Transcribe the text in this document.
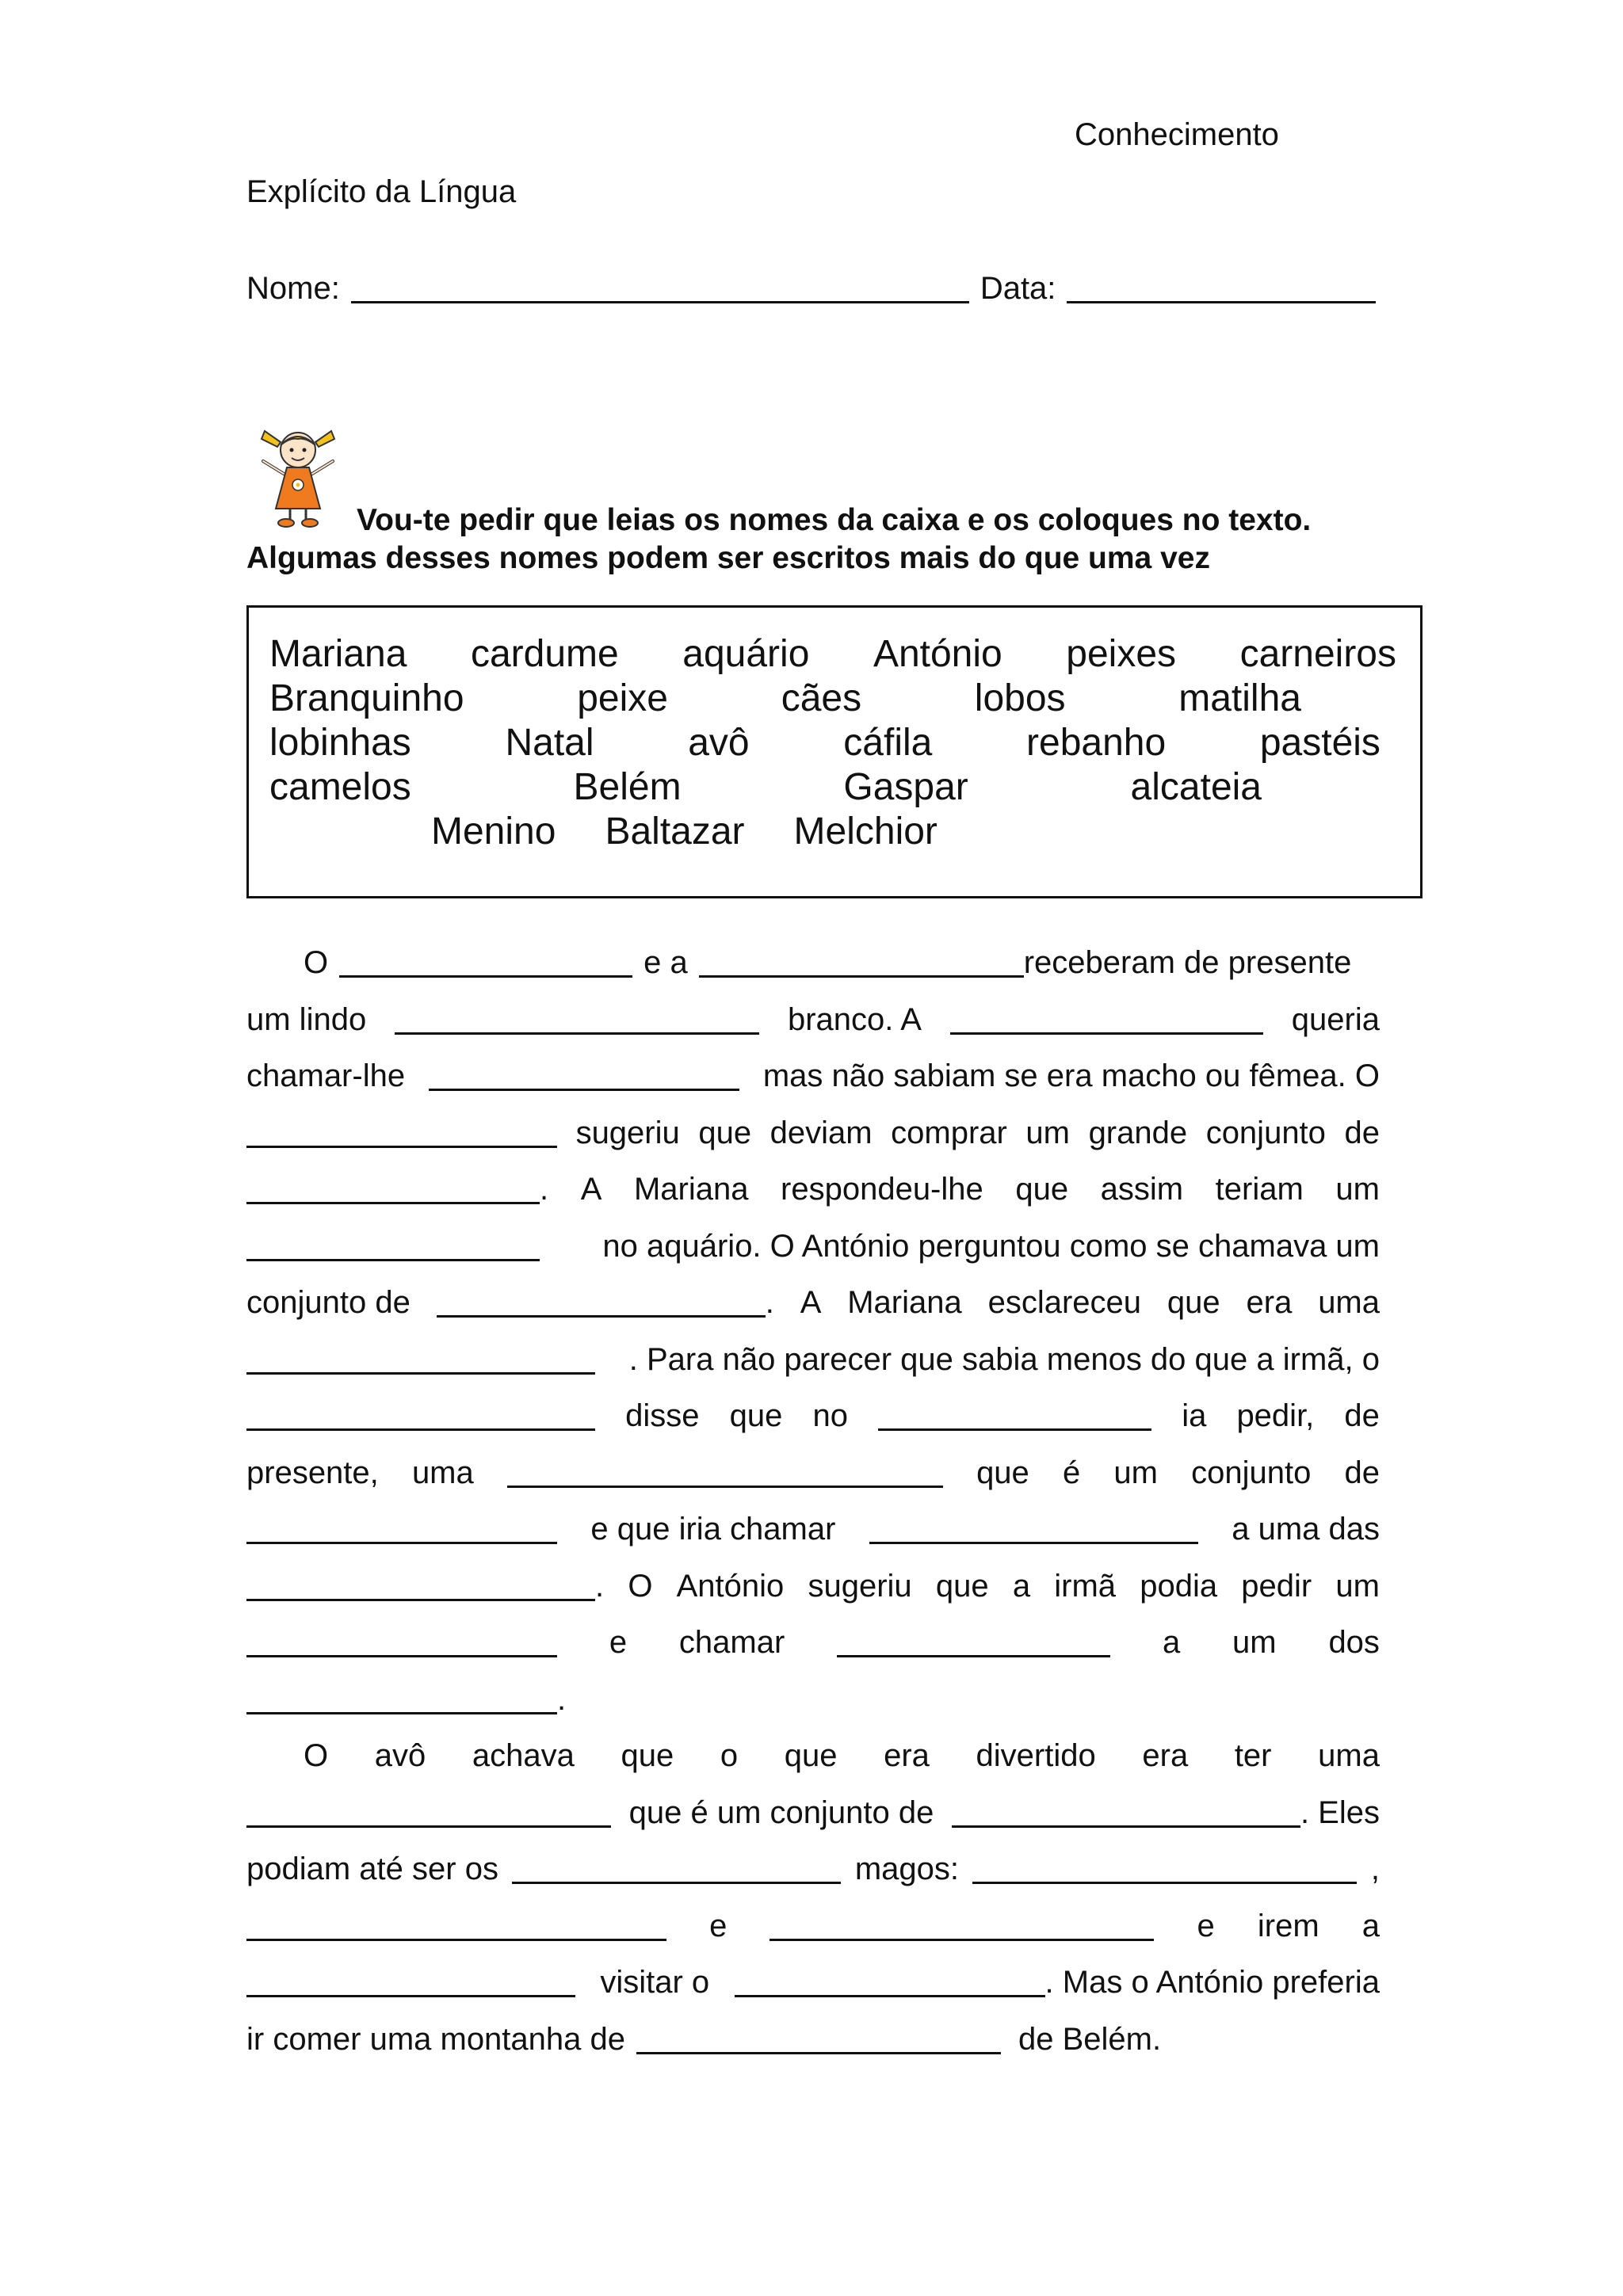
Conhecimento
Explícito da Língua
Nome:	Data:
Vou-te pedir que leias os nomes da caixa e os coloques no texto.
Algumas desses nomes podem ser escritos mais do que uma vez
Mariana cardume aquário António peixes carneiros
Branquinho	peixe	cães	lobos	matilha
lobinhas Natal avô cáfila rebanho pastéis
camelos	Belém	Gaspar	alcateia
Menino Baltazar Melchior
O	e a	receberam de presente
um lindo	branco. A	queria
chamar-lhe	mas não sabiam se era macho ou fêmea. O
sugeriu que deviam comprar um grande conjunto de
. A Mariana respondeu-lhe que assim teriam um
no aquário. O António perguntou como se chamava um
conjunto de	. A Mariana esclareceu que era uma
. Para não parecer que sabia menos do que a irmã, o
disse que no	ia pedir, de
presente, uma	que é um conjunto de
e que iria chamar	a uma das
. O António sugeriu que a irmã podia pedir um
e chamar	a um dos
.
O avô achava que o que era divertido era ter uma
que é um conjunto de	. Eles
podiam até ser os	magos:	,
e	e irem a
visitar o	. Mas o António preferia
ir comer uma montanha de	de Belém.
